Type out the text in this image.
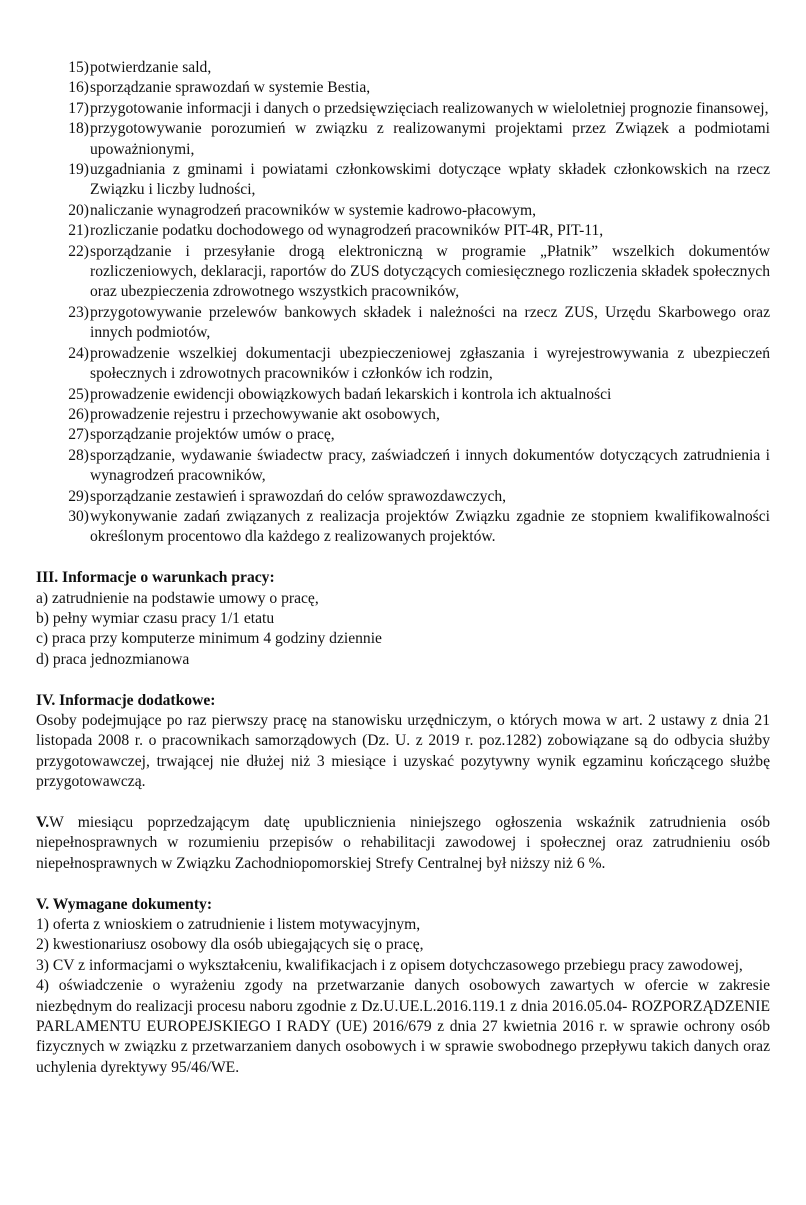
15) potwierdzanie sald,
16) sporządzanie sprawozdań w systemie Bestia,
17) przygotowanie informacji i danych o przedsięwzięciach realizowanych w wieloletniej prognozie finansowej,
18) przygotowywanie porozumień w związku z realizowanymi projektami przez Związek a podmiotami upoważnionymi,
19) uzgadniania z gminami i powiatami członkowskimi dotyczące wpłaty składek członkowskich na rzecz Związku i liczby ludności,
20) naliczanie wynagrodzeń pracowników w systemie kadrowo-płacowym,
21) rozliczanie podatku dochodowego od wynagrodzeń pracowników PIT-4R, PIT-11,
22) sporządzanie i przesyłanie drogą elektroniczną w programie „Płatnik” wszelkich dokumentów rozliczeniowych, deklaracji, raportów do ZUS dotyczących comiesięcznego rozliczenia składek społecznych oraz ubezpieczenia zdrowotnego wszystkich pracowników,
23) przygotowywanie przelewów bankowych składek i należności na rzecz ZUS, Urzędu Skarbowego oraz innych podmiotów,
24) prowadzenie wszelkiej dokumentacji ubezpieczeniowej zgłaszania i wyrejestrowywania z ubezpieczeń społecznych i zdrowotnych pracowników i członków ich rodzin,
25) prowadzenie ewidencji obowiązkowych badań lekarskich i kontrola ich aktualności
26) prowadzenie rejestru i przechowywanie akt osobowych,
27) sporządzanie projektów umów o pracę,
28) sporządzanie, wydawanie świadectw pracy, zaświadczeń i innych dokumentów dotyczących zatrudnienia i wynagrodzeń pracowników,
29) sporządzanie zestawień i sprawozdań do celów sprawozdawczych,
30) wykonywanie zadań związanych z realizacja projektów Związku zgadnie ze stopniem kwalifikowalności określonym procentowo dla każdego z realizowanych projektów.
III. Informacje o warunkach pracy:

a) zatrudnienie na podstawie umowy o pracę,

b) pełny wymiar czasu pracy 1/1 etatu

c) praca przy komputerze minimum 4 godziny dziennie

d) praca jednozmianowa

IV. Informacje dodatkowe:

Osoby podejmujące po raz pierwszy pracę na stanowisku urzędniczym, o których mowa w art. 2 ustawy z dnia 21 listopada 2008 r. o pracownikach samorządowych (Dz. U. z 2019 r. poz.1282) zobowiązane są do odbycia służby przygotowawczej, trwającej nie dłużej niż 3 miesiące i uzyskać pozytywny wynik egzaminu kończącego służbę przygotowawczą.

V.W miesiącu poprzedzającym datę upublicznienia niniejszego ogłoszenia wskaźnik zatrudnienia osób niepełnosprawnych w rozumieniu przepisów o rehabilitacji zawodowej i społecznej oraz zatrudnieniu osób niepełnosprawnych w Związku Zachodniopomorskiej Strefy Centralnej był niższy niż 6 %.

V. Wymagane dokumenty:

1) oferta z wnioskiem o zatrudnienie i listem motywacyjnym,

2) kwestionariusz osobowy dla osób ubiegających się o pracę,

3) CV z informacjami o wykształceniu, kwalifikacjach i z opisem dotychczasowego przebiegu pracy zawodowej,

4) oświadczenie o wyrażeniu zgody na przetwarzanie danych osobowych zawartych w ofercie w zakresie niezbędnym do realizacji procesu naboru zgodnie z Dz.U.UE.L.2016.119.1 z dnia 2016.05.04- ROZPORZĄDZENIE PARLAMENTU EUROPEJSKIEGO I RADY (UE) 2016/679 z dnia 27 kwietnia 2016 r. w sprawie ochrony osób fizycznych w związku z przetwarzaniem danych osobowych i w sprawie swobodnego przepływu takich danych oraz uchylenia dyrektywy 95/46/WE.
